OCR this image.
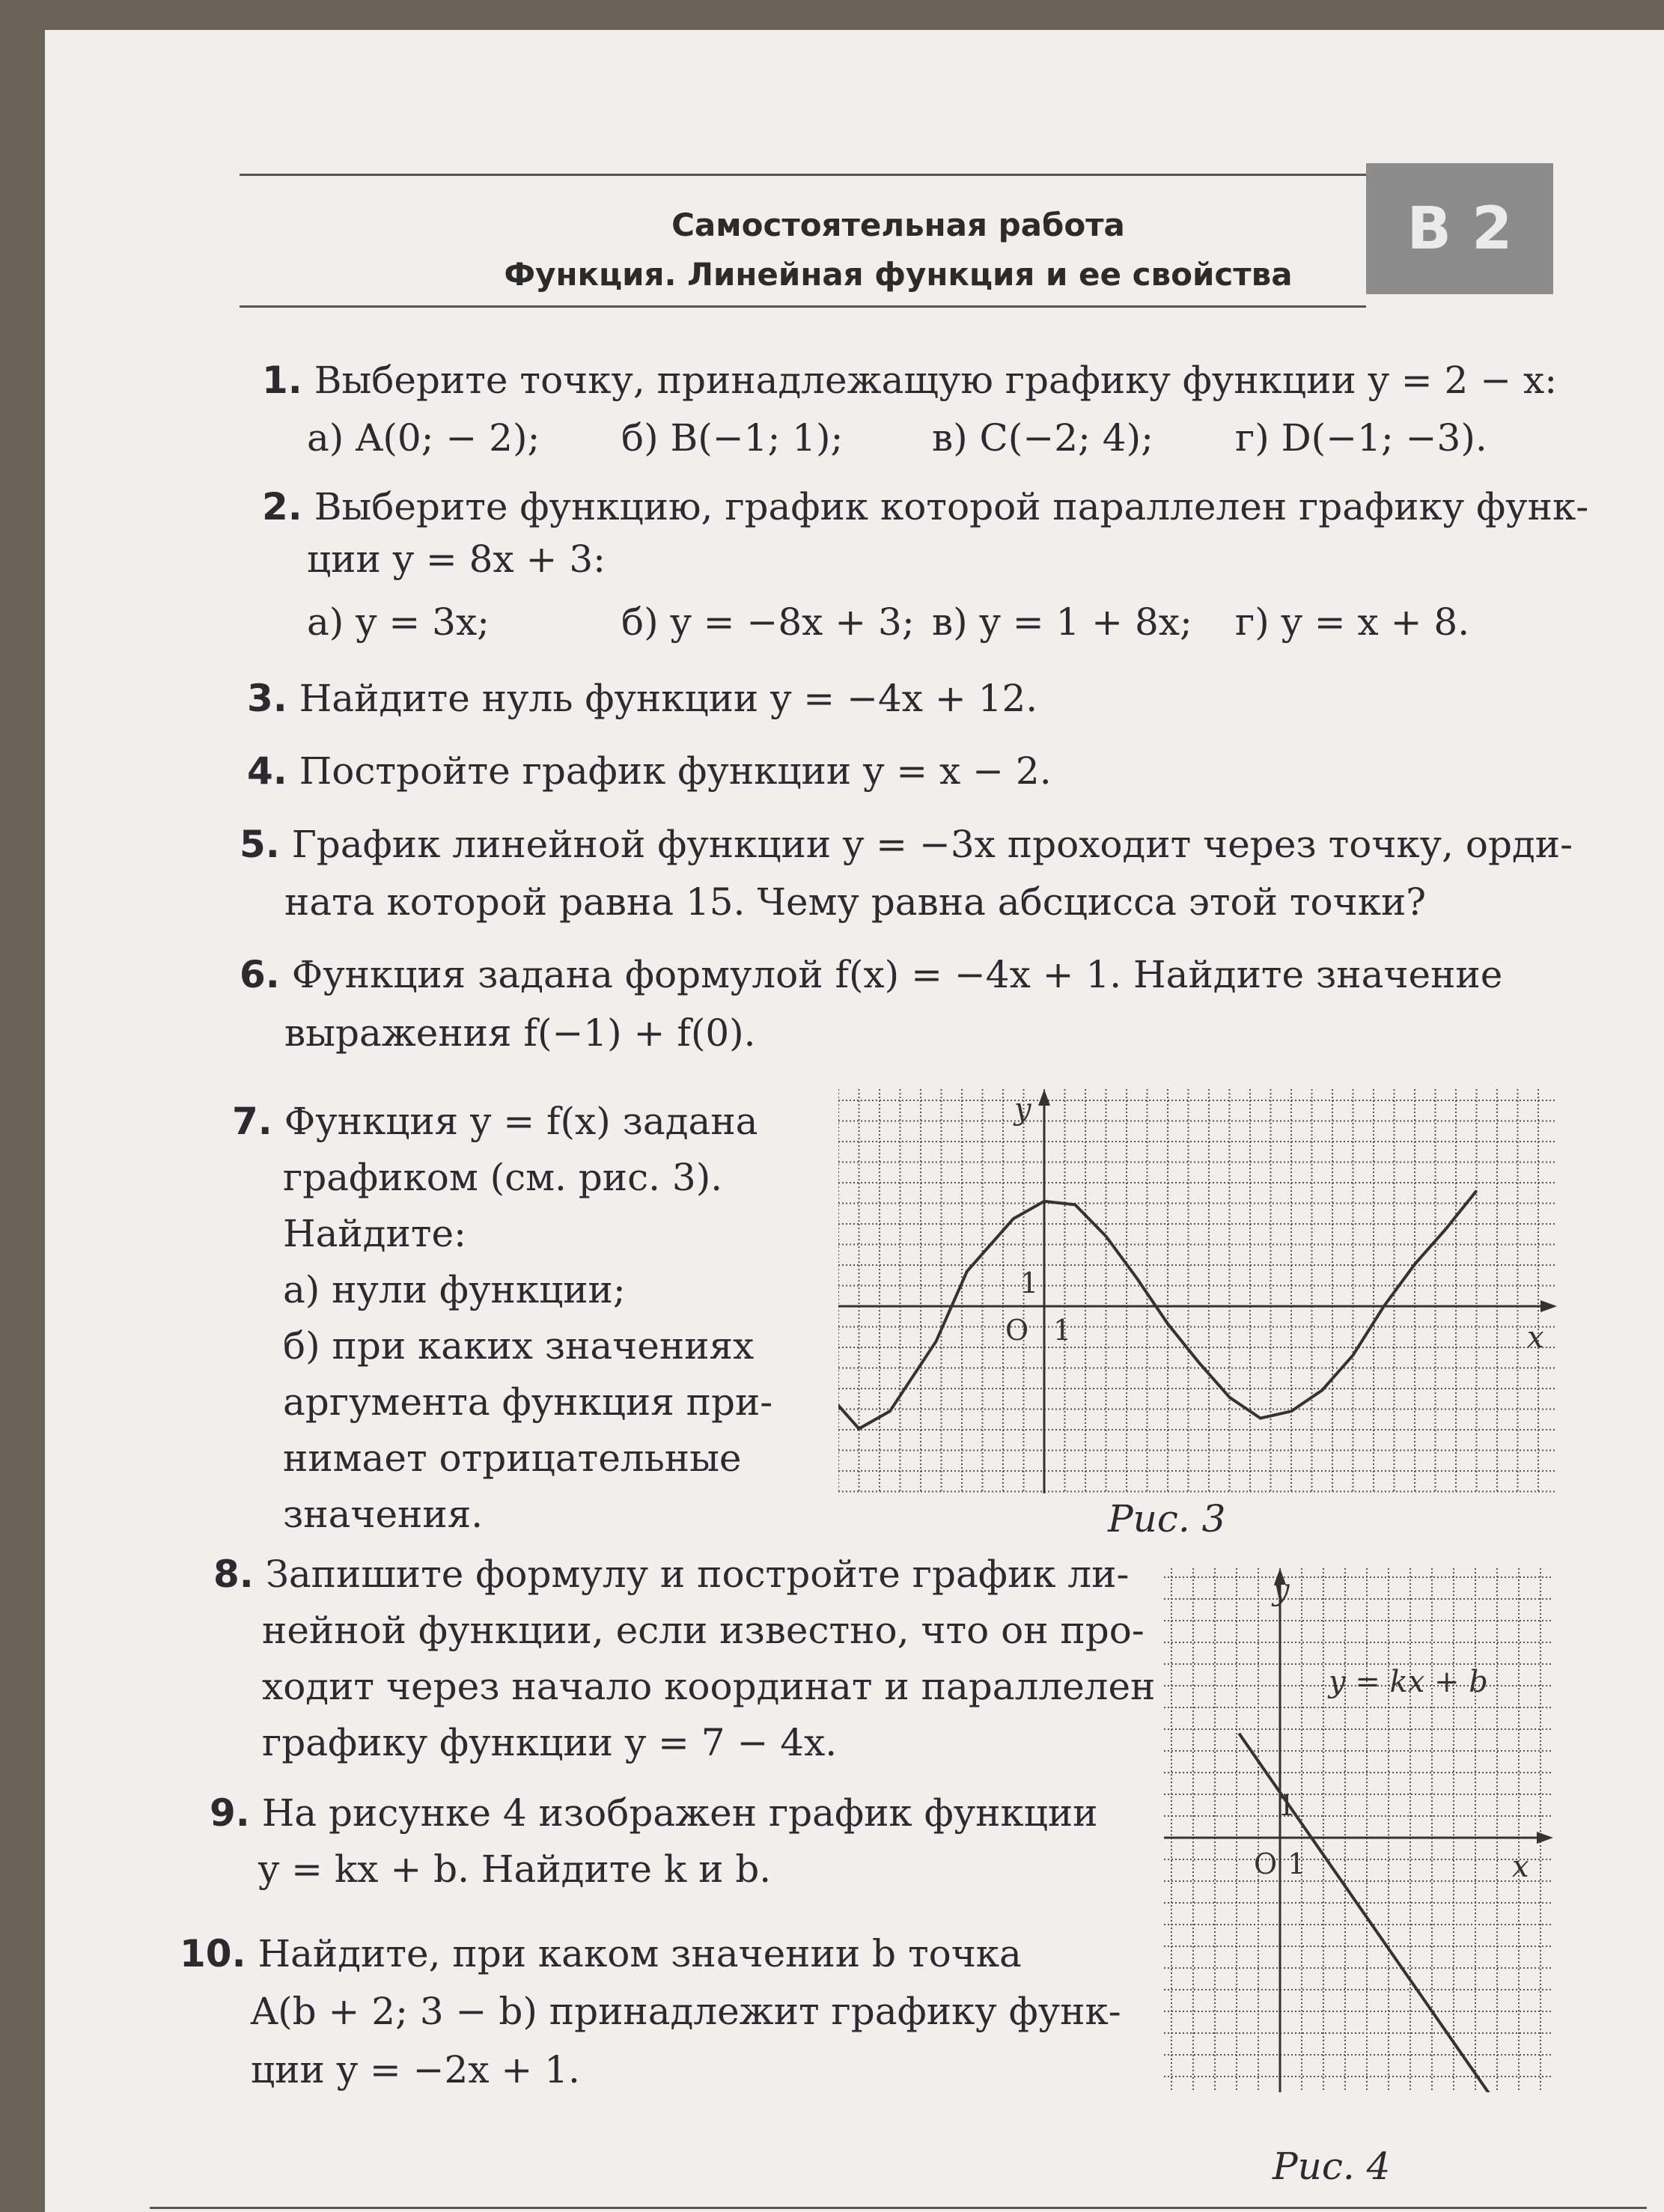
Самостоятельная работа
Функция. Линейная функция и ее свойства
В 2
1. Выберите точку, принадлежащую графику функции y = 2 − x:
а) A(0; − 2); б) B(−1; 1); в) C(−2; 4); г) D(−1; −3).
2. Выберите функцию, график которой параллелен графику функ-
ции y = 8x + 3:
а) y = 3x;	б) y = −8x + 3; в) y = 1 + 8x; г) y = x + 8.
3. Найдите нуль функции y = −4x + 12.
4. Постройте график функции y = x − 2.
5. График линейной функции y = −3x проходит через точку, орди-
ната которой равна 15. Чему равна абсцисса этой точки?
6. Функция задана формулой f(x) = −4x + 1. Найдите значение
выражения f(−1) + f(0).
7. Функция y = f(x) задана
графиком (см. рис. 3).
Найдите:
а) нули функции;
б) при каких значениях
аргумента функция при-
нимает отрицательные
значения.
y
x
O 1
1
Рис. 3
8. Запишите формулу и постройте график ли-
нейной функции, если известно, что он про-
ходит через начало координат и параллелен
графику функции y = 7 − 4x.
9. На рисунке 4 изображен график функции
y = kx + b. Найдите k и b.
10. Найдите, при каком значении b точка
A(b + 2; 3 − b) принадлежит графику функ-
ции y = −2x + 1.
y
x
O 1
1
y = kx + b
Рис. 4
